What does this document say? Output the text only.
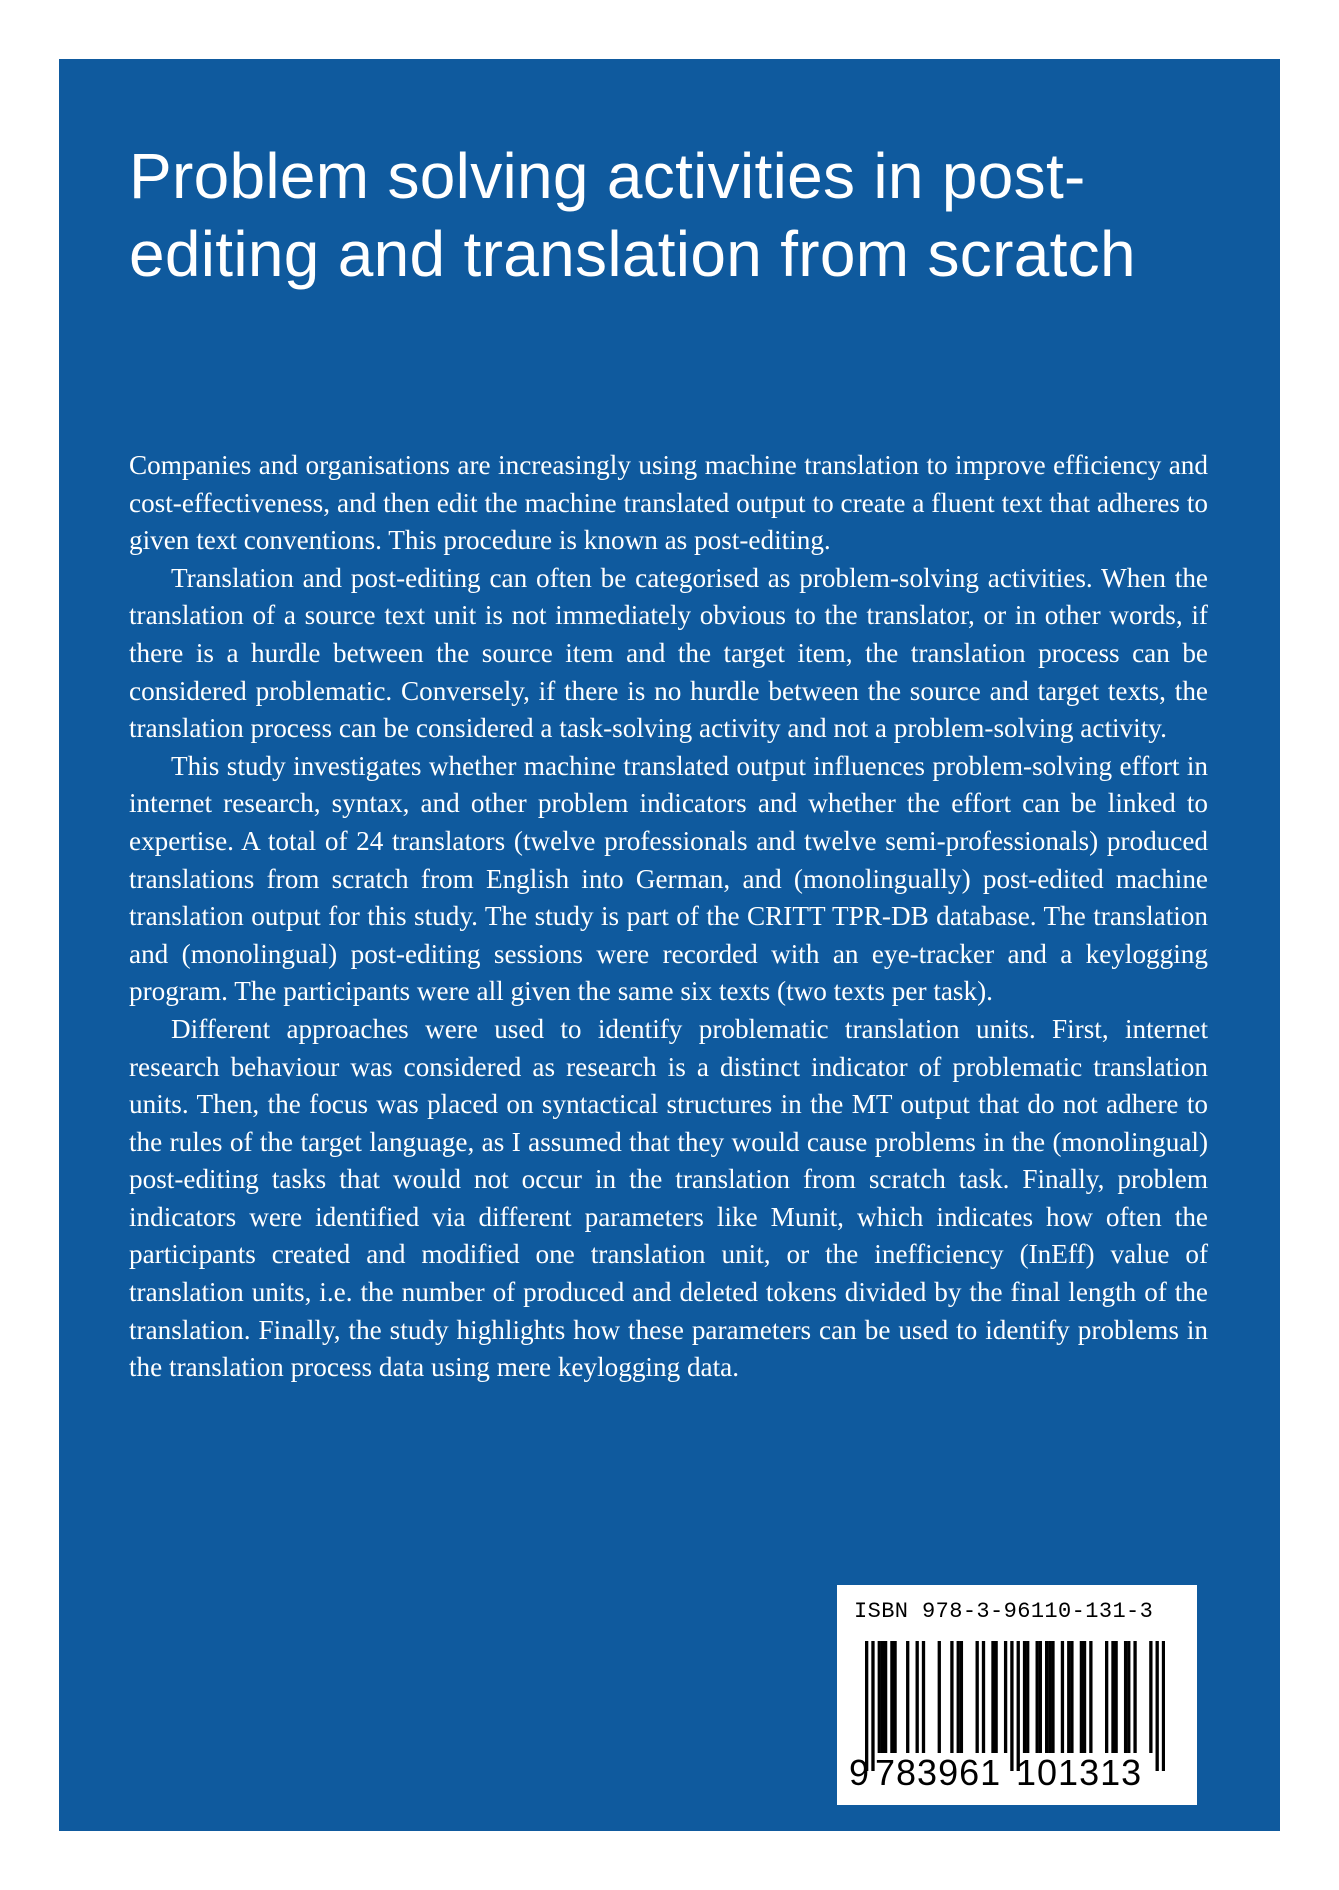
Problem solving activities in post-editing and translation from scratch

Companies and organisations are increasingly using machine translation to improve efficiency and cost-effectiveness, and then edit the machine translated output to create a fluent text that adheres to given text conventions. This procedure is known as post-editing.

Translation and post-editing can often be categorised as problem-solving activities. When the translation of a source text unit is not immediately obvious to the translator, or in other words, if there is a hurdle between the source item and the target item, the translation process can be considered problematic. Conversely, if there is no hurdle between the source and target texts, the translation process can be considered a task-solving activity and not a problem-solving activity.

This study investigates whether machine translated output influences problem-solving effort in internet research, syntax, and other problem indicators and whether the effort can be linked to expertise. A total of 24 translators (twelve professionals and twelve semi-professionals) produced translations from scratch from English into German, and (monolingually) post-edited machine translation output for this study. The study is part of the CRITT TPR-DB database. The translation and (monolingual) post-editing sessions were recorded with an eye-tracker and a keylogging program. The participants were all given the same six texts (two texts per task).

Different approaches were used to identify problematic translation units. First, internet research behaviour was considered as research is a distinct indicator of problematic translation units. Then, the focus was placed on syntactical structures in the MT output that do not adhere to the rules of the target language, as I assumed that they would cause problems in the (monolingual) post-editing tasks that would not occur in the translation from scratch task. Finally, problem indicators were identified via different parameters like Munit, which indicates how often the participants created and modified one translation unit, or the inefficiency (InEff) value of translation units, i.e. the number of produced and deleted tokens divided by the final length of the translation. Finally, the study highlights how these parameters can be used to identify problems in the translation process data using mere keylogging data.

ISBN 978-3-96110-131-3

9 783961 101313
